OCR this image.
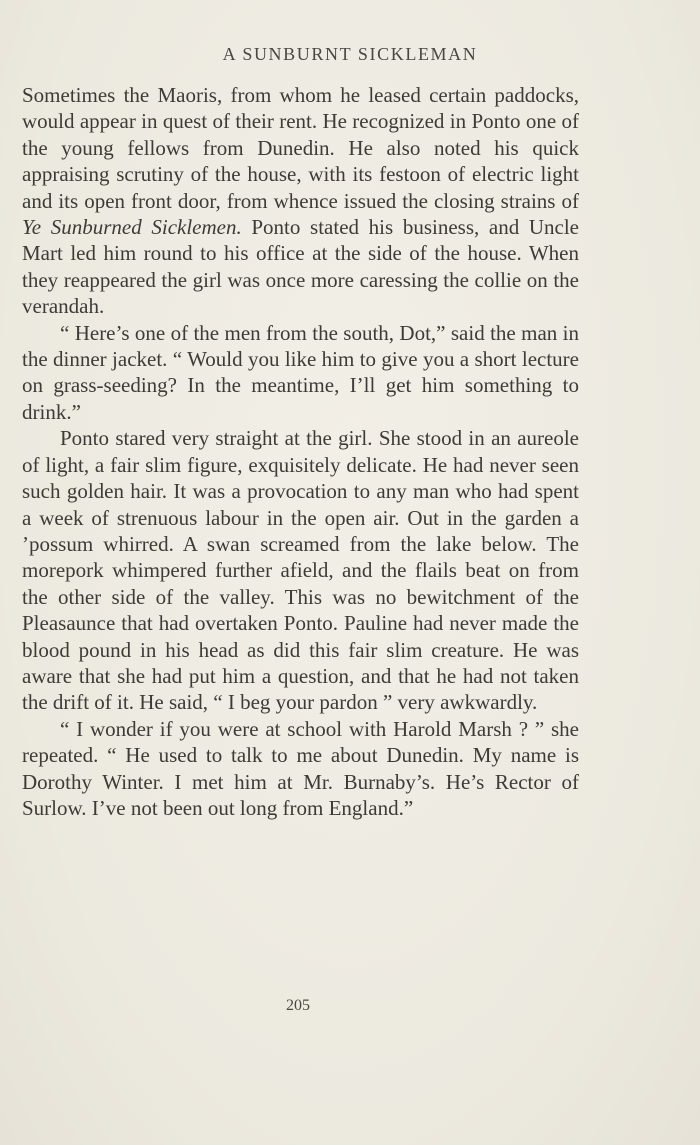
A SUNBURNT SICKLEMAN

Sometimes the Maoris, from whom he leased certain paddocks, would appear in quest of their rent. He recognized in Ponto one of the young fellows from Dunedin. He also noted his quick appraising scrutiny of the house, with its festoon of electric light and its open front door, from whence issued the closing strains of Ye Sunburned Sicklemen. Ponto stated his business, and Uncle Mart led him round to his office at the side of the house. When they reappeared the girl was once more caressing the collie on the verandah.

“ Here’s one of the men from the south, Dot,” said the man in the dinner jacket. “ Would you like him to give you a short lecture on grass-seeding? In the meantime, I’ll get him something to drink.”

Ponto stared very straight at the girl. She stood in an aureole of light, a fair slim figure, exquisitely delicate. He had never seen such golden hair. It was a provocation to any man who had spent a week of strenuous labour in the open air. Out in the garden a ’possum whirred. A swan screamed from the lake below. The morepork whimpered further afield, and the flails beat on from the other side of the valley. This was no bewitchment of the Pleasaunce that had overtaken Ponto. Pauline had never made the blood pound in his head as did this fair slim creature. He was aware that she had put him a question, and that he had not taken the drift of it. He said, “ I beg your pardon ” very awkwardly.

“ I wonder if you were at school with Harold Marsh ? ” she repeated. “ He used to talk to me about Dunedin. My name is Dorothy Winter. I met him at Mr. Burnaby’s. He’s Rector of Surlow. I’ve not been out long from England.”

205
